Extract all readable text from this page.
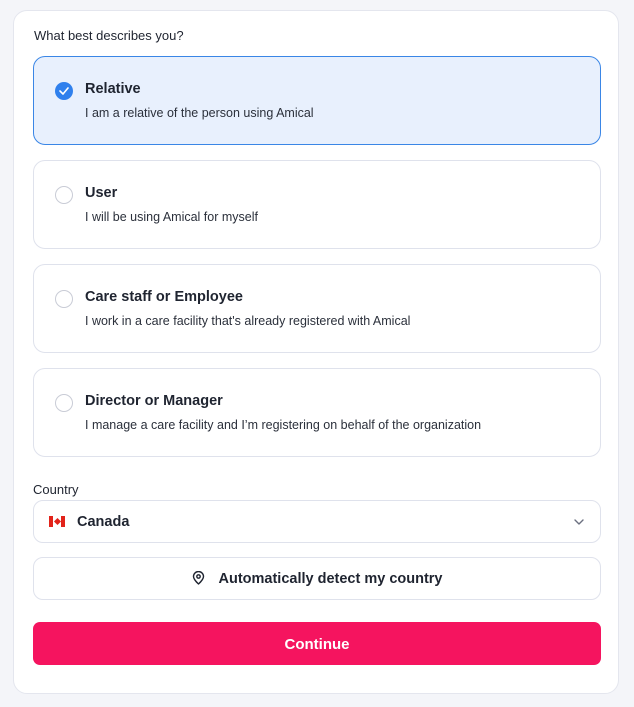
What best describes you?

Relative
I am a relative of the person using Amical
User
I will be using Amical for myself
Care staff or Employee
I work in a care facility that's already registered with Amical
Director or Manager
I manage a care facility and I’m registering on behalf of the organization
Country
Canada
Automatically detect my country
Continue
